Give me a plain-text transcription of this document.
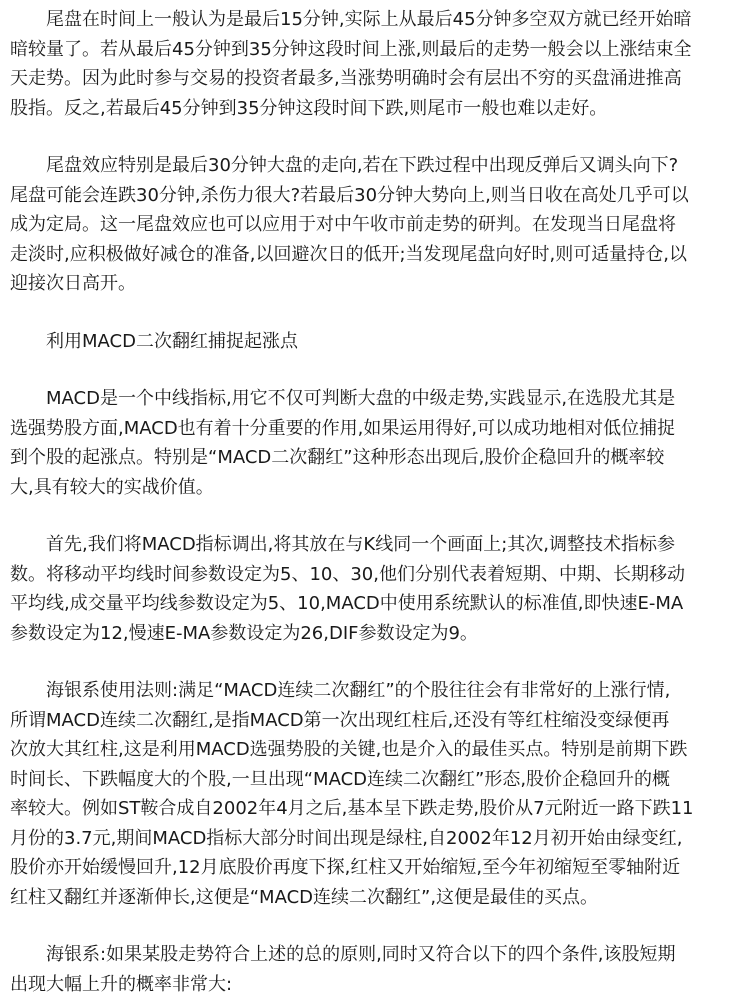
尾盘在时间上一般认为是最后15分钟,实际上从最后45分钟多空双方就已经开始暗
暗较量了。若从最后45分钟到35分钟这段时间上涨,则最后的走势一般会以上涨结束全
天走势。因为此时参与交易的投资者最多,当涨势明确时会有层出不穷的买盘涌进推高
股指。反之,若最后45分钟到35分钟这段时间下跌,则尾市一般也难以走好。
尾盘效应特别是最后30分钟大盘的走向,若在下跌过程中出现反弹后又调头向下?
尾盘可能会连跌30分钟,杀伤力很大?若最后30分钟大势向上,则当日收在高处几乎可以
成为定局。这一尾盘效应也可以应用于对中午收市前走势的研判。在发现当日尾盘将
走淡时,应积极做好减仓的准备,以回避次日的低开;当发现尾盘向好时,则可适量持仓,以
迎接次日高开。
利用MACD二次翻红捕捉起涨点
MACD是一个中线指标,用它不仅可判断大盘的中级走势,实践显示,在选股尤其是
选强势股方面,MACD也有着十分重要的作用,如果运用得好,可以成功地相对低位捕捉
到个股的起涨点。特别是“MACD二次翻红”这种形态出现后,股价企稳回升的概率较
大,具有较大的实战价值。
首先,我们将MACD指标调出,将其放在与K线同一个画面上;其次,调整技术指标参
数。将移动平均线时间参数设定为5、10、30,他们分别代表着短期、中期、长期移动
平均线,成交量平均线参数设定为5、10,MACD中使用系统默认的标准值,即快速E-MA
参数设定为12,慢速E-MA参数设定为26,DIF参数设定为9。
海银系使用法则:满足“MACD连续二次翻红”的个股往往会有非常好的上涨行情,
所谓MACD连续二次翻红,是指MACD第一次出现红柱后,还没有等红柱缩没变绿便再
次放大其红柱,这是利用MACD选强势股的关键,也是介入的最佳买点。特别是前期下跌
时间长、下跌幅度大的个股,一旦出现“MACD连续二次翻红”形态,股价企稳回升的概
率较大。例如ST鞍合成自2002年4月之后,基本呈下跌走势,股价从7元附近一路下跌11
月份的3.7元,期间MACD指标大部分时间出现是绿柱,自2002年12月初开始由绿变红,
股价亦开始缓慢回升,12月底股价再度下探,红柱又开始缩短,至今年初缩短至零轴附近
红柱又翻红并逐渐伸长,这便是“MACD连续二次翻红”,这便是最佳的买点。
海银系:如果某股走势符合上述的总的原则,同时又符合以下的四个条件,该股短期
出现大幅上升的概率非常大:
